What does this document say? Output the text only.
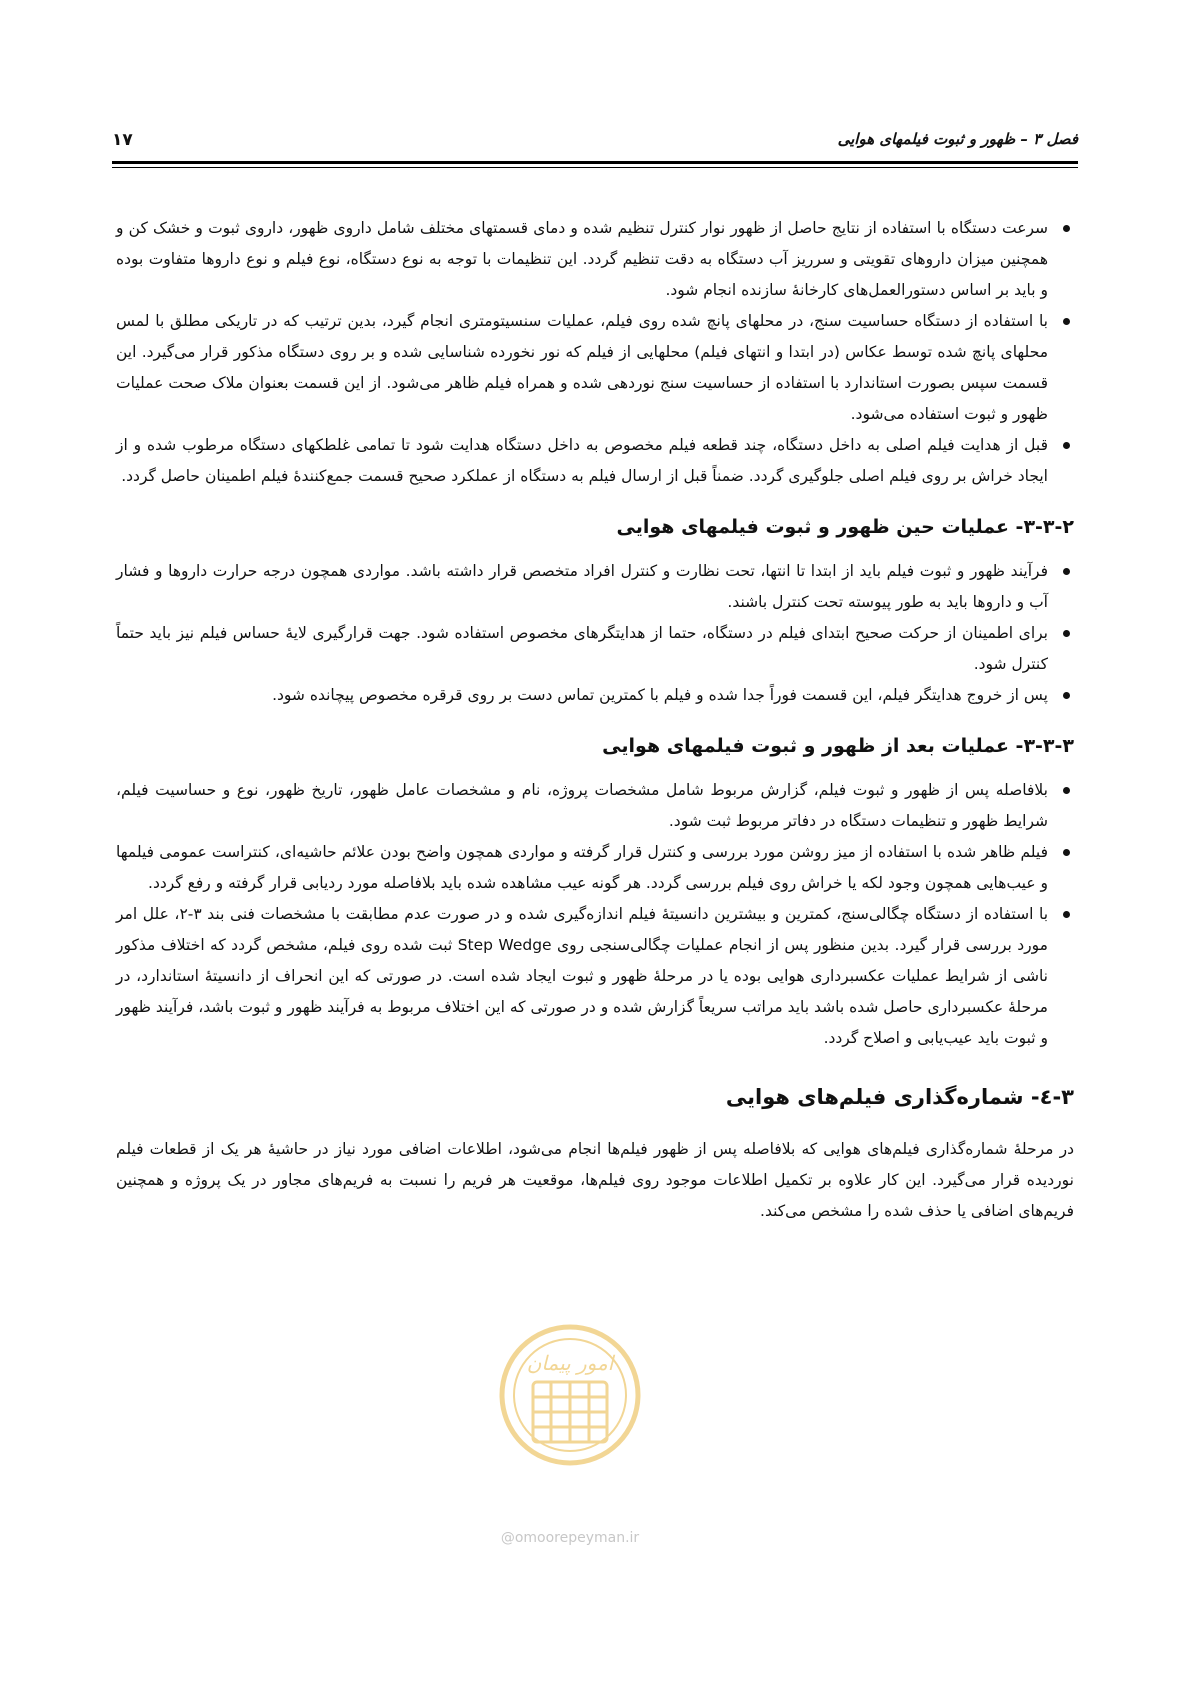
۱۷	فصل ۳ – ظهور و ثبوت فیلمهای هوایی
سرعت دستگاه با استفاده از نتایج حاصل از ظهور نوار کنترل تنظیم شده و دمای قسمتهای مختلف شامل داروی ظهور، داروی ثبوت و خشک کن و همچنین میزان داروهای تقویتی و سرریز آب دستگاه به دقت تنظیم گردد. این تنظیمات با توجه به نوع دستگاه، نوع فیلم و نوع داروها متفاوت بوده و باید بر اساس دستورالعمل‌های کارخانهٔ سازنده انجام شود.
با استفاده از دستگاه حساسیت سنج، در محلهای پانچ شده روی فیلم، عملیات سنسیتومتری انجام گیرد، بدین ترتیب که در تاریکی مطلق با لمس محلهای پانچ شده توسط عکاس (در ابتدا و انتهای فیلم) محلهایی از فیلم که نور نخورده شناسایی شده و بر روی دستگاه مذکور قرار می‌گیرد. این قسمت سپس بصورت استاندارد با استفاده از حساسیت سنج نوردهی شده و همراه فیلم ظاهر می‌شود. از این قسمت بعنوان ملاک صحت عملیات ظهور و ثبوت استفاده می‌شود.
قبل از هدایت فیلم اصلی به داخل دستگاه، چند قطعه فیلم مخصوص به داخل دستگاه هدایت شود تا تمامی غلطکهای دستگاه مرطوب شده و از ایجاد خراش بر روی فیلم اصلی جلوگیری گردد. ضمناً قبل از ارسال فیلم به دستگاه از عملکرد صحیح قسمت جمع‌کنندهٔ فیلم اطمینان حاصل گردد.
۳-۳-۲- عملیات حین ظهور و ثبوت فیلمهای هوایی
فرآیند ظهور و ثبوت فیلم باید از ابتدا تا انتها، تحت نظارت و کنترل افراد متخصص قرار داشته باشد. مواردی همچون درجه حرارت داروها و فشار آب و داروها باید به طور پیوسته تحت کنترل باشند.
برای اطمینان از حرکت صحیح ابتدای فیلم در دستگاه، حتما از هدایتگرهای مخصوص استفاده شود. جهت قرارگیری لایهٔ حساس فیلم نیز باید حتماً کنترل شود.
پس از خروج هدایتگر فیلم، این قسمت فوراً جدا شده و فیلم با کمترین تماس دست بر روی قرقره مخصوص پیچانده شود.
۳-۳-۳- عملیات بعد از ظهور و ثبوت فیلمهای هوایی
بلافاصله پس از ظهور و ثبوت فیلم، گزارش مربوط شامل مشخصات پروژه، نام و مشخصات عامل ظهور، تاریخ ظهور، نوع و حساسیت فیلم، شرایط ظهور و تنظیمات دستگاه در دفاتر مربوط ثبت شود.
فیلم ظاهر شده با استفاده از میز روشن مورد بررسی و کنترل قرار گرفته و مواردی همچون واضح بودن علائم حاشیه‌ای، کنتراست عمومی فیلمها و عیب‌هایی همچون وجود لکه یا خراش روی فیلم بررسی گردد. هر گونه عیب مشاهده شده باید بلافاصله مورد ردیابی قرار گرفته و رفع گردد.
با استفاده از دستگاه چگالی‌سنج، کمترین و بیشترین دانسیتهٔ فیلم اندازه‌گیری شده و در صورت عدم مطابقت با مشخصات فنی بند ۳-۲، علل امر مورد بررسی قرار گیرد. بدین منظور پس از انجام عملیات چگالی‌سنجی روی Step Wedge ثبت شده روی فیلم، مشخص گردد که اختلاف مذکور ناشی از شرایط عملیات عکسبرداری هوایی بوده یا در مرحلهٔ ظهور و ثبوت ایجاد شده است. در صورتی که این انحراف از دانسیتهٔ استاندارد، در مرحلهٔ عکسبرداری حاصل شده باشد باید مراتب سریعاً گزارش شده و در صورتی که این اختلاف مربوط به فرآیند ظهور و ثبوت باشد، فرآیند ظهور و ثبوت باید عیب‌یابی و اصلاح گردد.
۳-٤- شماره‌گذاری فیلم‌های هوایی

در مرحلهٔ شماره‌گذاری فیلم‌های هوایی که بلافاصله پس از ظهور فیلم‌ها انجام می‌شود، اطلاعات اضافی مورد نیاز در حاشیهٔ هر یک از قطعات فیلم نوردیده قرار می‌گیرد. این کار علاوه بر تکمیل اطلاعات موجود روی فیلم‌ها، موقعیت هر فریم را نسبت به فریم‌های مجاور در یک پروژه و همچنین فریم‌های اضافی یا حذف شده را مشخص می‌کند.

امور پیمان
@omoorepeyman.ir
